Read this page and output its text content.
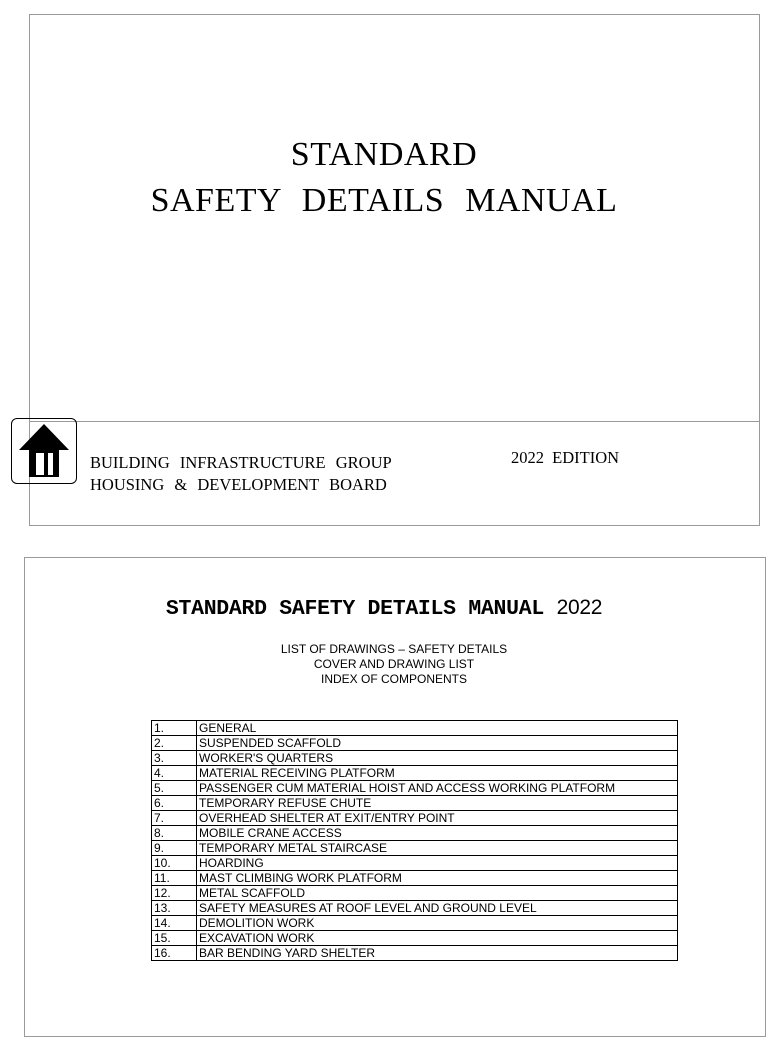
STANDARD
SAFETY DETAILS MANUAL
BUILDING INFRASTRUCTURE GROUP
HOUSING & DEVELOPMENT BOARD
2022 EDITION
STANDARD SAFETY DETAILS MANUAL 2022
LIST OF DRAWINGS – SAFETY DETAILS
COVER AND DRAWING LIST
INDEX OF COMPONENTS
1.	GENERAL
2.	SUSPENDED SCAFFOLD
3.	WORKER'S QUARTERS
4.	MATERIAL RECEIVING PLATFORM
5.	PASSENGER CUM MATERIAL HOIST AND ACCESS WORKING PLATFORM
6.	TEMPORARY REFUSE CHUTE
7.	OVERHEAD SHELTER AT EXIT/ENTRY POINT
8.	MOBILE CRANE ACCESS
9.	TEMPORARY METAL STAIRCASE
10.	HOARDING
11.	MAST CLIMBING WORK PLATFORM
12.	METAL SCAFFOLD
13.	SAFETY MEASURES AT ROOF LEVEL AND GROUND LEVEL
14.	DEMOLITION WORK
15.	EXCAVATION WORK
16.	BAR BENDING YARD SHELTER
